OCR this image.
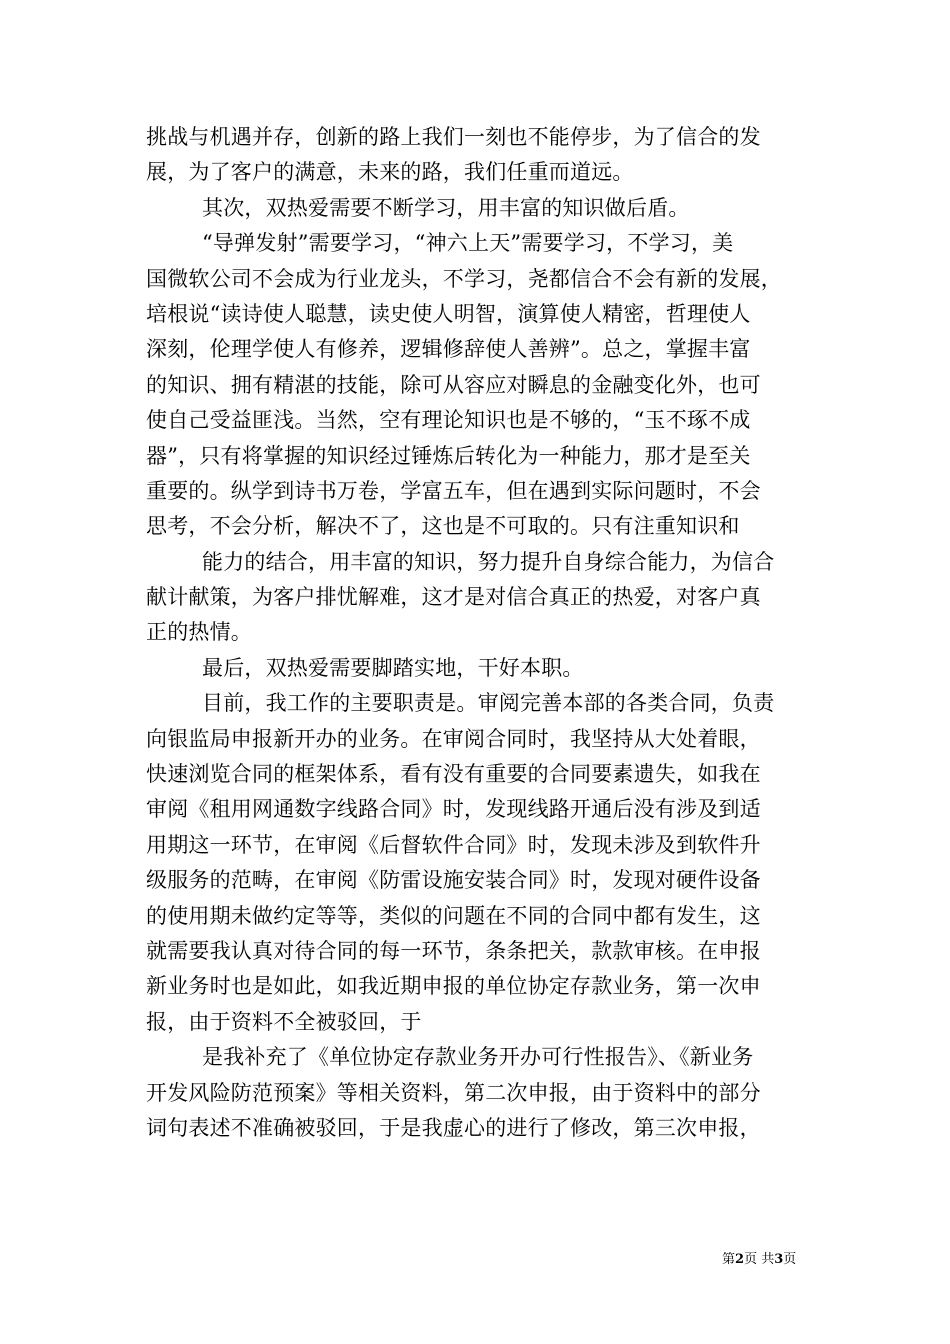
挑战与机遇并存，创新的路上我们一刻也不能停步，为了信合的发
展，为了客户的满意，未来的路，我们任重而道远。
其次，双热爱需要不断学习，用丰富的知识做后盾。
“导弹发射”需要学习，“神六上天”需要学习，不学习，美
国微软公司不会成为行业龙头，不学习，尧都信合不会有新的发展，
培根说“读诗使人聪慧，读史使人明智，演算使人精密，哲理使人
深刻，伦理学使人有修养，逻辑修辞使人善辨”。总之，掌握丰富
的知识、拥有精湛的技能，除可从容应对瞬息的金融变化外，也可
使自己受益匪浅。当然，空有理论知识也是不够的，“玉不琢不成
器”，只有将掌握的知识经过锤炼后转化为一种能力，那才是至关
重要的。纵学到诗书万卷，学富五车，但在遇到实际问题时，不会
思考，不会分析，解决不了，这也是不可取的。只有注重知识和
能力的结合，用丰富的知识，努力提升自身综合能力，为信合
献计献策，为客户排忧解难，这才是对信合真正的热爱，对客户真
正的热情。
最后，双热爱需要脚踏实地，干好本职。
目前，我工作的主要职责是。审阅完善本部的各类合同，负责
向银监局申报新开办的业务。在审阅合同时，我坚持从大处着眼，
快速浏览合同的框架体系，看有没有重要的合同要素遗失，如我在
审阅《租用网通数字线路合同》时，发现线路开通后没有涉及到适
用期这一环节，在审阅《后督软件合同》时，发现未涉及到软件升
级服务的范畴，在审阅《防雷设施安装合同》时，发现对硬件设备
的使用期未做约定等等，类似的问题在不同的合同中都有发生，这
就需要我认真对待合同的每一环节，条条把关，款款审核。在申报
新业务时也是如此，如我近期申报的单位协定存款业务，第一次申
报，由于资料不全被驳回，于
是我补充了《单位协定存款业务开办可行性报告》、《新业务
开发风险防范预案》等相关资料，第二次申报，由于资料中的部分
词句表述不准确被驳回，于是我虚心的进行了修改，第三次申报，
第2页 共3页
